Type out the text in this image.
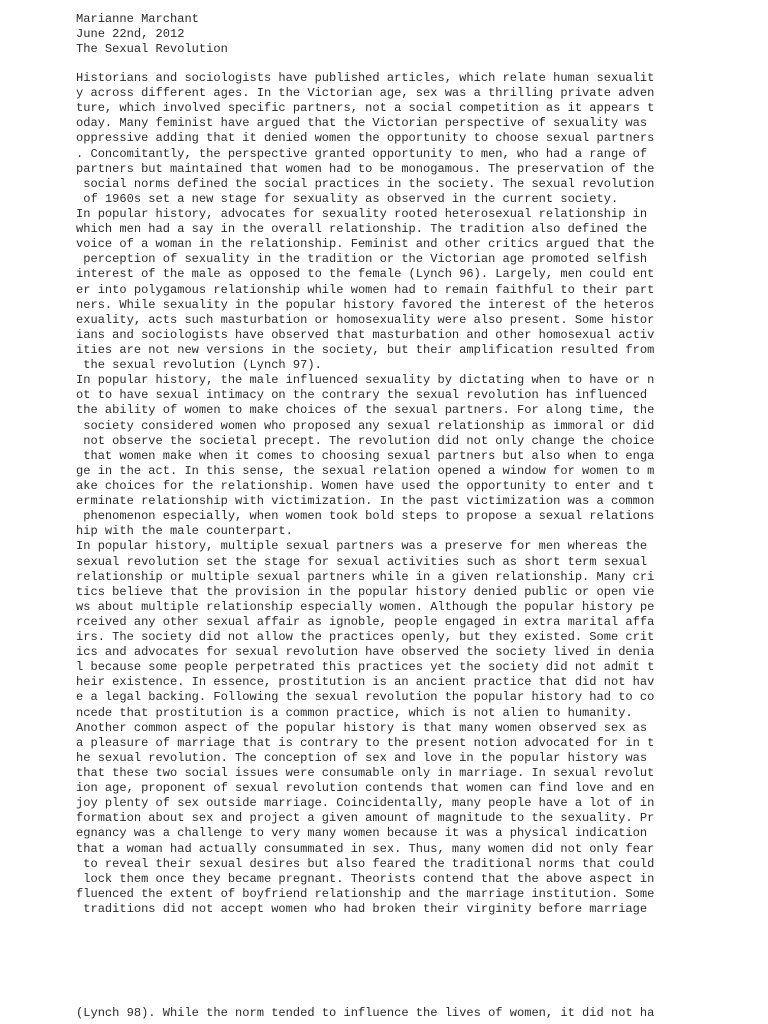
Marianne Marchant
June 22nd, 2012
The Sexual Revolution
Historians and sociologists have published articles, which relate human sexualit
y across different ages. In the Victorian age, sex was a thrilling private adven
ture, which involved specific partners, not a social competition as it appears t
oday. Many feminist have argued that the Victorian perspective of sexuality was
oppressive adding that it denied women the opportunity to choose sexual partners
. Concomitantly, the perspective granted opportunity to men, who had a range of
partners but maintained that women had to be monogamous. The preservation of the
social norms defined the social practices in the society. The sexual revolution
of 1960s set a new stage for sexuality as observed in the current society.
In popular history, advocates for sexuality rooted heterosexual relationship in
which men had a say in the overall relationship. The tradition also defined the
voice of a woman in the relationship. Feminist and other critics argued that the
perception of sexuality in the tradition or the Victorian age promoted selfish
interest of the male as opposed to the female (Lynch 96). Largely, men could ent
er into polygamous relationship while women had to remain faithful to their part
ners. While sexuality in the popular history favored the interest of the heteros
exuality, acts such masturbation or homosexuality were also present. Some histor
ians and sociologists have observed that masturbation and other homosexual activ
ities are not new versions in the society, but their amplification resulted from
the sexual revolution (Lynch 97).
In popular history, the male influenced sexuality by dictating when to have or n
ot to have sexual intimacy on the contrary the sexual revolution has influenced
the ability of women to make choices of the sexual partners. For along time, the
society considered women who proposed any sexual relationship as immoral or did
not observe the societal precept. The revolution did not only change the choice
that women make when it comes to choosing sexual partners but also when to enga
ge in the act. In this sense, the sexual relation opened a window for women to m
ake choices for the relationship. Women have used the opportunity to enter and t
erminate relationship with victimization. In the past victimization was a common
phenomenon especially, when women took bold steps to propose a sexual relations
hip with the male counterpart.
In popular history, multiple sexual partners was a preserve for men whereas the
sexual revolution set the stage for sexual activities such as short term sexual
relationship or multiple sexual partners while in a given relationship. Many cri
tics believe that the provision in the popular history denied public or open vie
ws about multiple relationship especially women. Although the popular history pe
rceived any other sexual affair as ignoble, people engaged in extra marital affa
irs. The society did not allow the practices openly, but they existed. Some crit
ics and advocates for sexual revolution have observed the society lived in denia
l because some people perpetrated this practices yet the society did not admit t
heir existence. In essence, prostitution is an ancient practice that did not hav
e a legal backing. Following the sexual revolution the popular history had to co
ncede that prostitution is a common practice, which is not alien to humanity.
Another common aspect of the popular history is that many women observed sex as
a pleasure of marriage that is contrary to the present notion advocated for in t
he sexual revolution. The conception of sex and love in the popular history was
that these two social issues were consumable only in marriage. In sexual revolut
ion age, proponent of sexual revolution contends that women can find love and en
joy plenty of sex outside marriage. Coincidentally, many people have a lot of in
formation about sex and project a given amount of magnitude to the sexuality. Pr
egnancy was a challenge to very many women because it was a physical indication
that a woman had actually consummated in sex. Thus, many women did not only fear
to reveal their sexual desires but also feared the traditional norms that could
lock them once they became pregnant. Theorists contend that the above aspect in
fluenced the extent of boyfriend relationship and the marriage institution. Some
traditions did not accept women who had broken their virginity before marriage
(Lynch 98). While the norm tended to influence the lives of women, it did not ha
